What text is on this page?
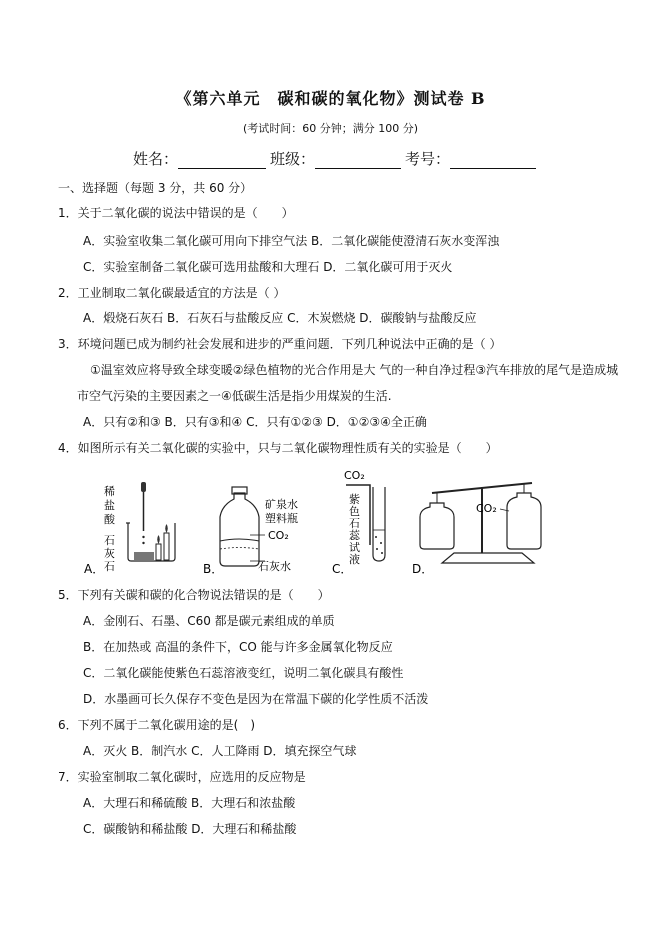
《第六单元　碳和碳的氧化物》测试卷 B
(考试时间：60 分钟；满分 100 分)
姓名：	班级：	考号：
一、选择题（每题 3 分，共 60 分）
1．关于二氧化碳的说法中错误的是（　　）
A．实验室收集二氧化碳可用向下排空气法 B．二氧化碳能使澄清石灰水变浑浊
C．实验室制备二氧化碳可选用盐酸和大理石 D．二氧化碳可用于灭火
2．工业制取二氧化碳最适宜的方法是（ ）
A．煅烧石灰石 B．石灰石与盐酸反应 C．木炭燃烧 D．碳酸钠与盐酸反应
3．环境问题已成为制约社会发展和进步的严重问题．下列几种说法中正确的是（ ）
①温室效应将导致全球变暖②绿色植物的光合作用是大 气的一种自净过程③汽车排放的尾气是造成城
市空气污染的主要因素之一④低碳生活是指少用煤炭的生活.
A．只有②和③ B．只有③和④ C．只有①②③ D．①②③④全正确
4．如图所示有关二氧化碳的实验中，只与二氧化碳物理性质有关的实验是（　　）
稀
盐
酸
石
灰
石
A．
矿泉水
塑料瓶
CO₂
石灰水
B．
CO₂
紫
色
石
蕊
试
液
C．
CO₂
D．
5．下列有关碳和碳的化合物说法错误的是（　　）
A．金刚石、石墨、C60 都是碳元素组成的单质
B．在加热或 高温的条件下，CO 能与许多金属氧化物反应
C．二氧化碳能使紫色石蕊溶液变红，说明二氧化碳具有酸性
D．水墨画可长久保存不变色是因为在常温下碳的化学性质不活泼
6．下列不属于二氧化碳用途的是(　)
A．灭火 B．制汽水 C．人工降雨 D．填充探空气球
7．实验室制取二氧化碳时，应选用的反应物是
A．大理石和稀硫酸 B．大理石和浓盐酸
C．碳酸钠和稀盐酸 D．大理石和稀盐酸
